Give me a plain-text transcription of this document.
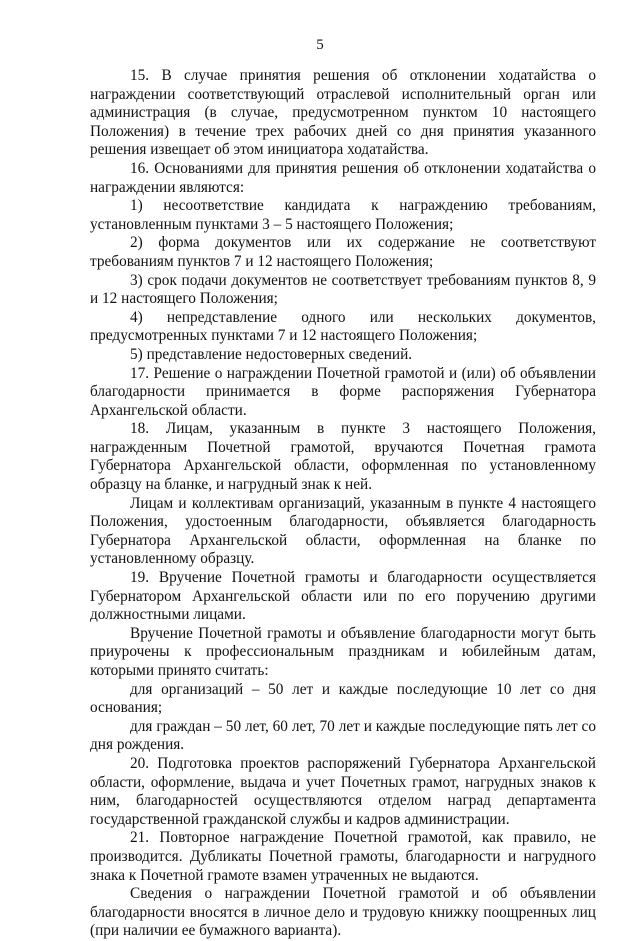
5

15. В случае принятия решения об отклонении ходатайства о награждении соответствующий отраслевой исполнительный орган или администрация (в случае, предусмотренном пунктом 10 настоящего Положения) в течение трех рабочих дней со дня принятия указанного решения извещает об этом инициатора ходатайства.

16. Основаниями для принятия решения об отклонении ходатайства о награждении являются:

1) несоответствие кандидата к награждению требованиям, установленным пунктами 3 – 5 настоящего Положения;

2) форма документов или их содержание не соответствуют требованиям пунктов 7 и 12 настоящего Положения;

3) срок подачи документов не соответствует требованиям пунктов 8, 9 и 12 настоящего Положения;

4) непредставление одного или нескольких документов, предусмотренных пунктами 7 и 12 настоящего Положения;

5) представление недостоверных сведений.

17. Решение о награждении Почетной грамотой и (или) об объявлении благодарности принимается в форме распоряжения Губернатора Архангельской области.

18. Лицам, указанным в пункте 3 настоящего Положения, награжденным Почетной грамотой, вручаются Почетная грамота Губернатора Архангельской области, оформленная по установленному образцу на бланке, и нагрудный знак к ней.

Лицам и коллективам организаций, указанным в пункте 4 настоящего Положения, удостоенным благодарности, объявляется благодарность Губернатора Архангельской области, оформленная на бланке по установленному образцу.

19. Вручение Почетной грамоты и благодарности осуществляется Губернатором Архангельской области или по его поручению другими должностными лицами.

Вручение Почетной грамоты и объявление благодарности могут быть приурочены к профессиональным праздникам и юбилейным датам, которыми принято считать:

для организаций – 50 лет и каждые последующие 10 лет со дня основания;

для граждан – 50 лет, 60 лет, 70 лет и каждые последующие пять лет со дня рождения.

20. Подготовка проектов распоряжений Губернатора Архангельской области, оформление, выдача и учет Почетных грамот, нагрудных знаков к ним, благодарностей осуществляются отделом наград департамента государственной гражданской службы и кадров администрации.

21. Повторное награждение Почетной грамотой, как правило, не производится. Дубликаты Почетной грамоты, благодарности и нагрудного знака к Почетной грамоте взамен утраченных не выдаются.

Сведения о награждении Почетной грамотой и об объявлении благодарности вносятся в личное дело и трудовую книжку поощренных лиц (при наличии ее бумажного варианта).
